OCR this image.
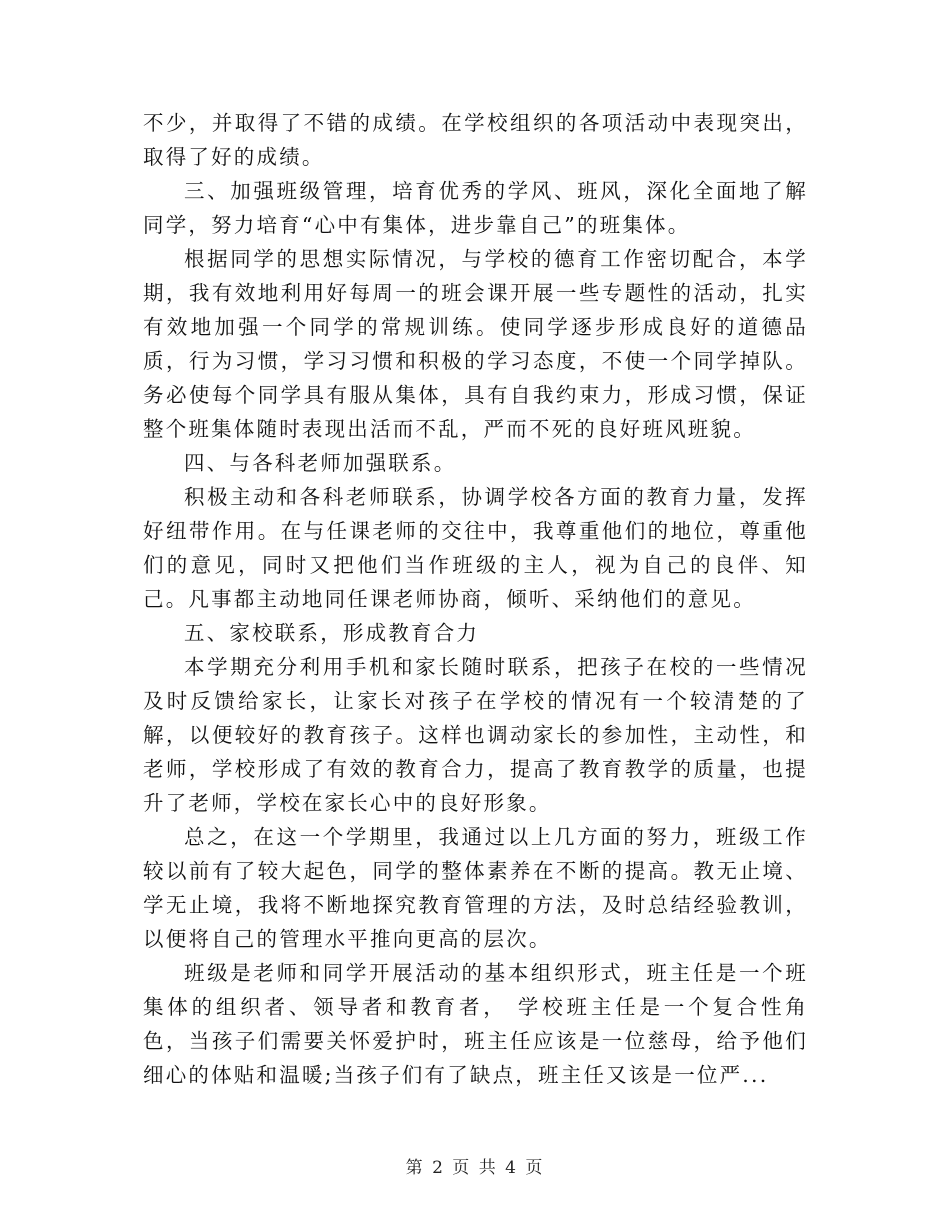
不少，并取得了不错的成绩。在学校组织的各项活动中表现突出，取得了好的成绩。

三、加强班级管理，培育优秀的学风、班风，深化全面地了解同学，努力培育“心中有集体，进步靠自己”的班集体。

根据同学的思想实际情况，与学校的德育工作密切配合，本学期，我有效地利用好每周一的班会课开展一些专题性的活动，扎实有效地加强一个同学的常规训练。使同学逐步形成良好的道德品质，行为习惯，学习习惯和积极的学习态度，不使一个同学掉队。务必使每个同学具有服从集体，具有自我约束力，形成习惯，保证整个班集体随时表现出活而不乱，严而不死的良好班风班貌。

四、与各科老师加强联系。

积极主动和各科老师联系，协调学校各方面的教育力量，发挥好纽带作用。在与任课老师的交往中，我尊重他们的地位，尊重他们的意见，同时又把他们当作班级的主人，视为自己的良伴、知己。凡事都主动地同任课老师协商，倾听、采纳他们的意见。

五、家校联系，形成教育合力

本学期充分利用手机和家长随时联系，把孩子在校的一些情况及时反馈给家长，让家长对孩子在学校的情况有一个较清楚的了解，以便较好的教育孩子。这样也调动家长的参加性，主动性，和老师，学校形成了有效的教育合力，提高了教育教学的质量，也提升了老师，学校在家长心中的良好形象。

总之，在这一个学期里，我通过以上几方面的努力，班级工作较以前有了较大起色，同学的整体素养在不断的提高。教无止境、学无止境，我将不断地探究教育管理的方法，及时总结经验教训，以便将自己的管理水平推向更高的层次。

班级是老师和同学开展活动的基本组织形式，班主任是一个班集体的组织者、领导者和教育者， 学校班主任是一个复合性角色，当孩子们需要关怀爱护时，班主任应该是一位慈母，给予他们细心的体贴和温暖;当孩子们有了缺点，班主任又该是一位严...

第 2 页 共 4 页
